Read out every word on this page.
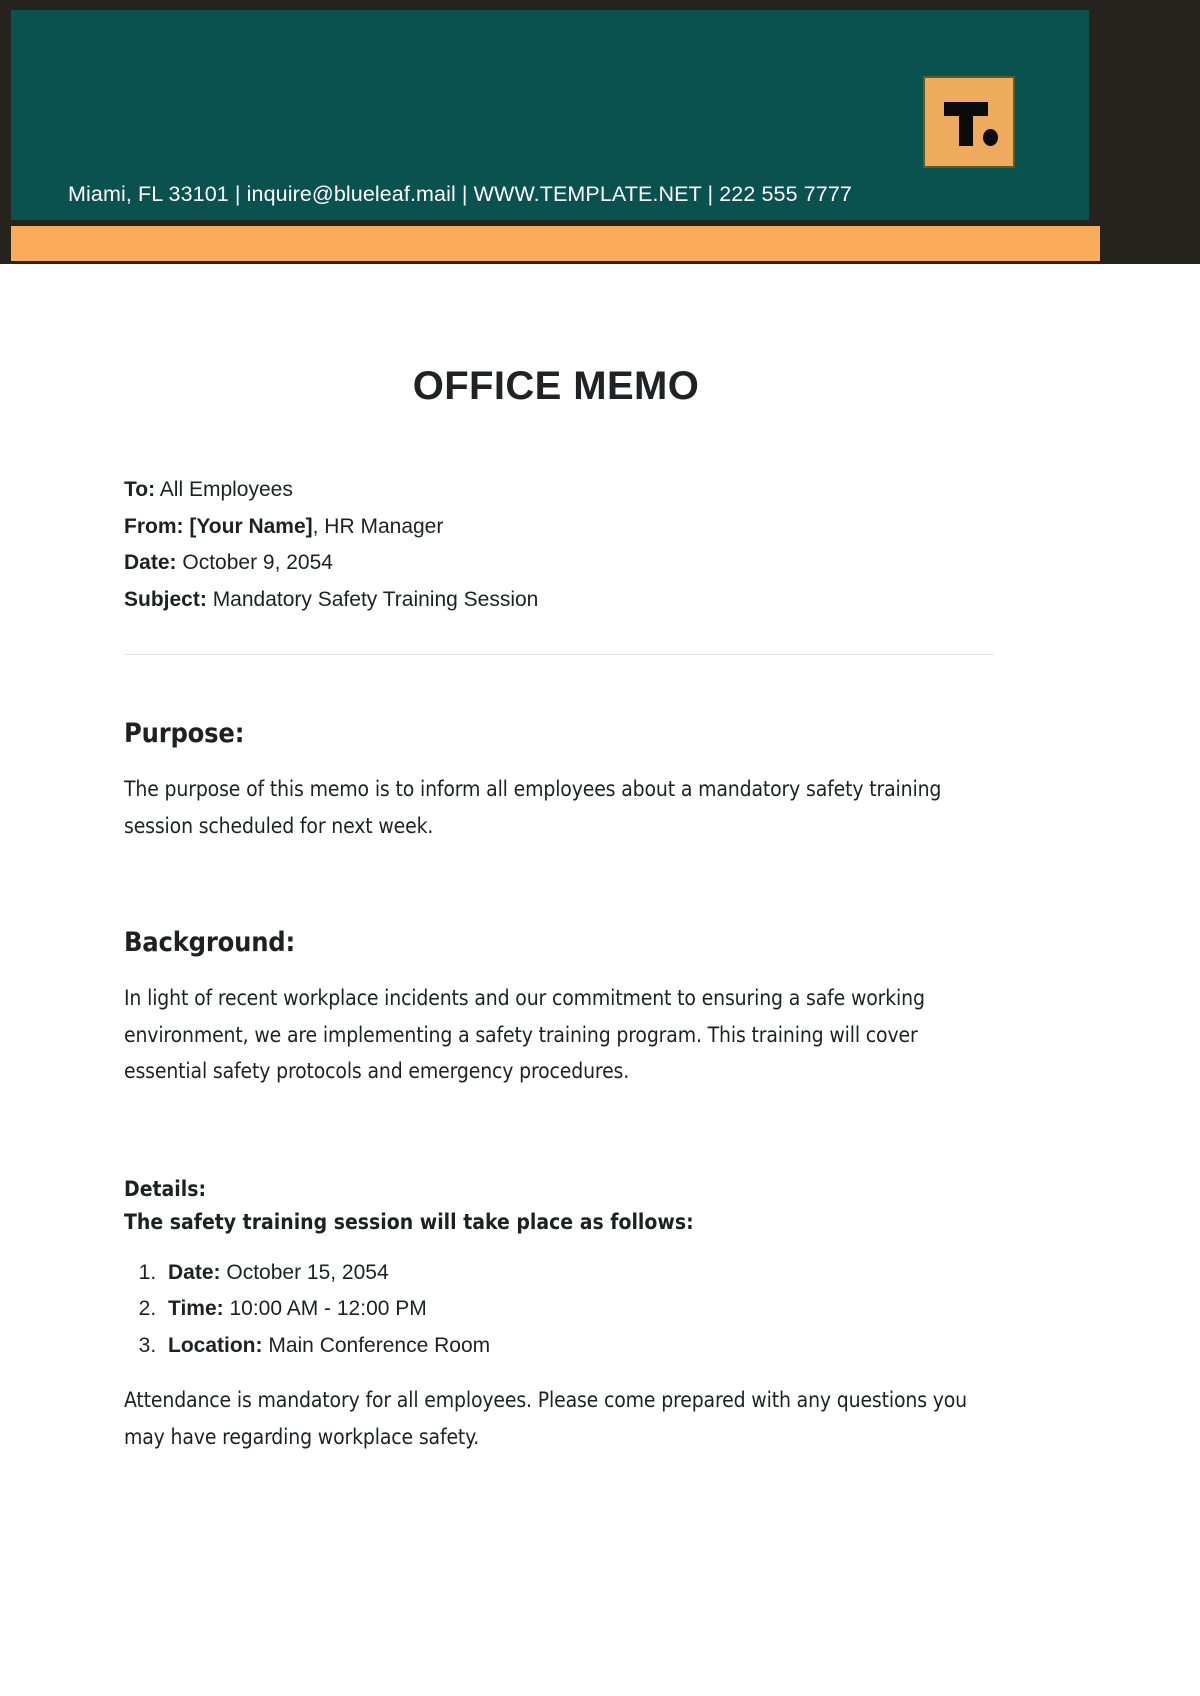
Miami, FL 33101 | inquire@blueleaf.mail | WWW.TEMPLATE.NET | 222 555 7777
OFFICE MEMO
To: All Employees
From: [Your Name], HR Manager
Date: October 9, 2054
Subject: Mandatory Safety Training Session
Purpose:
The purpose of this memo is to inform all employees about a mandatory safety training session scheduled for next week.
Background:
In light of recent workplace incidents and our commitment to ensuring a safe working environment, we are implementing a safety training program. This training will cover essential safety protocols and emergency procedures.
Details:
The safety training session will take place as follows:
1. Date: October 15, 2054
2. Time: 10:00 AM - 12:00 PM
3. Location: Main Conference Room
Attendance is mandatory for all employees. Please come prepared with any questions you may have regarding workplace safety.
